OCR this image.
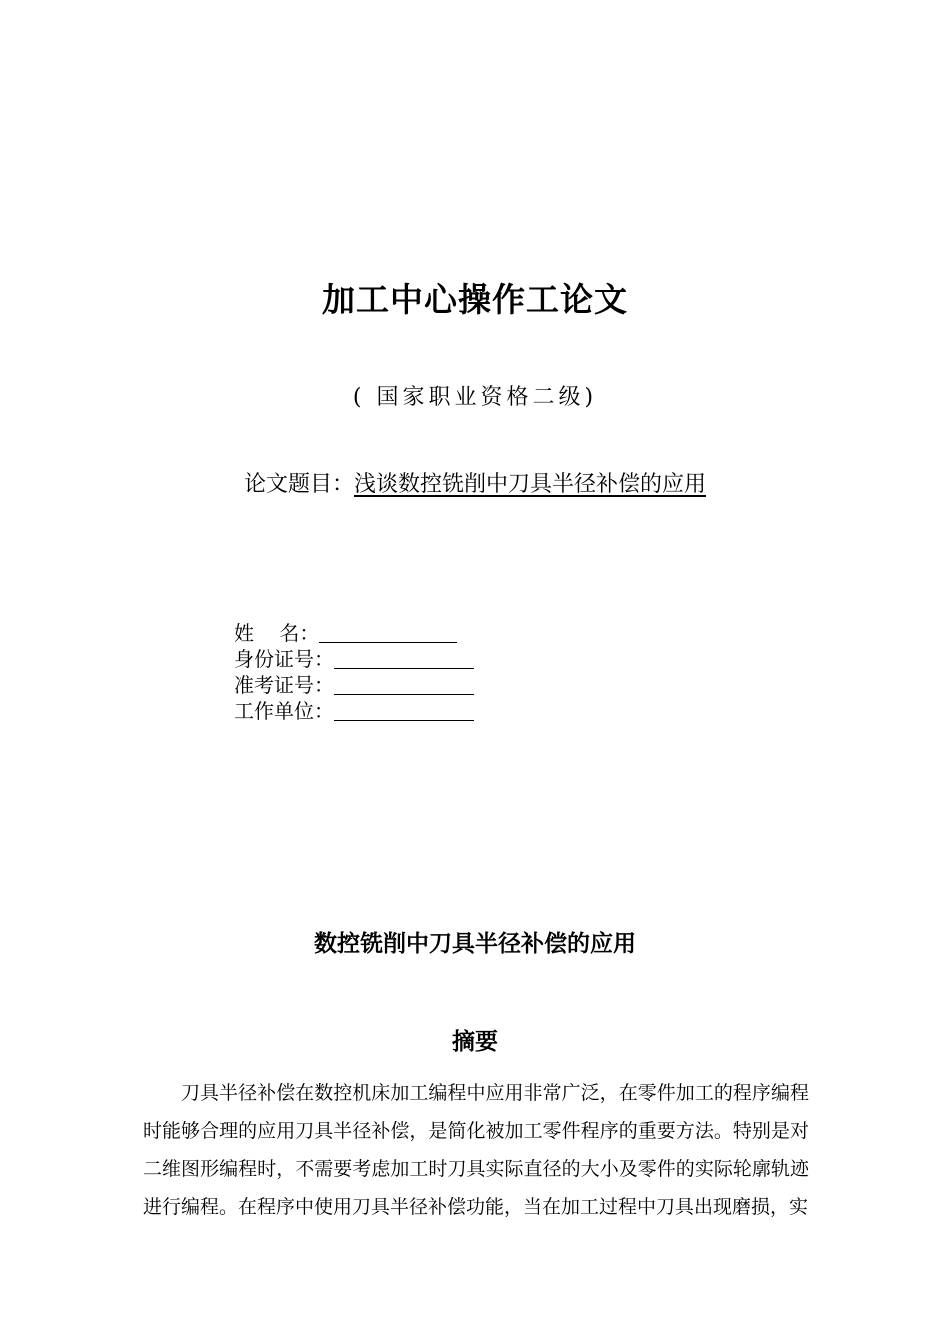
加工中心操作工论文
( 国家职业资格二级)
论文题目：浅谈数控铣削中刀具半径补偿的应用
姓    名：
身份证号：
准考证号：
工作单位：
数控铣削中刀具半径补偿的应用
摘要

刀具半径补偿在数控机床加工编程中应用非常广泛，在零件加工的程序编程时能够合理的应用刀具半径补偿，是简化被加工零件程序的重要方法。特别是对二维图形编程时，不需要考虑加工时刀具实际直径的大小及零件的实际轮廓轨迹进行编程。在程序中使用刀具半径补偿功能，当在加工过程中刀具出现磨损，实
